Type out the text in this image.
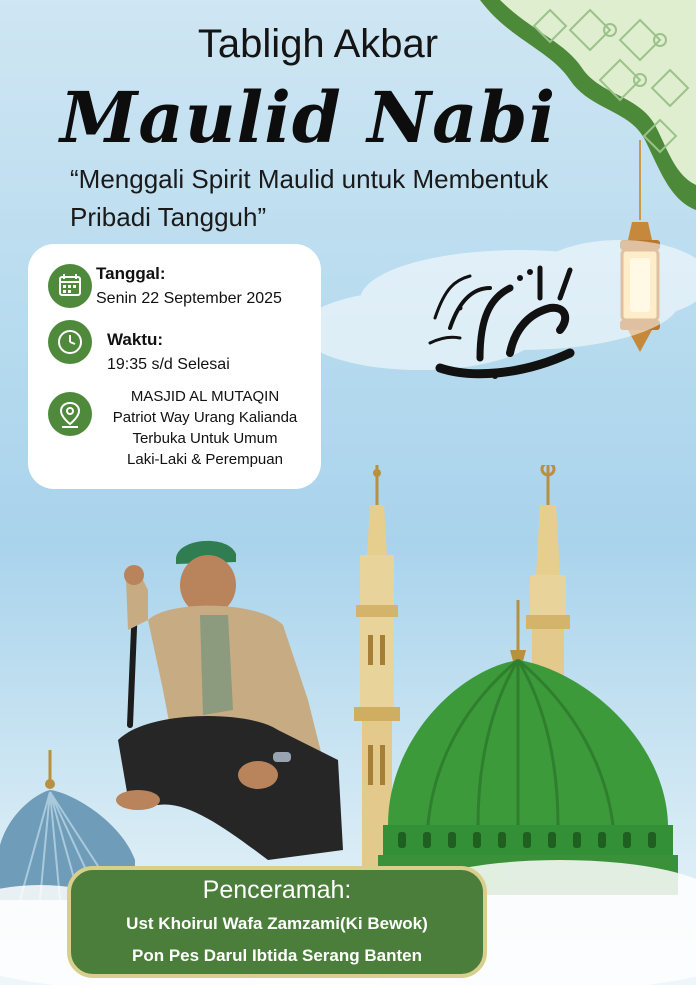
Tabligh Akbar
Maulid Nabi
“Menggali Spirit Maulid untuk Membentuk
Pribadi Tangguh”
Tanggal:
Senin 22 September 2025
Waktu:
19:35 s/d Selesai
MASJID AL MUTAQIN
Patriot Way Urang Kalianda
Terbuka Untuk Umum
Laki-Laki & Perempuan
Penceramah:
Ust Khoirul Wafa Zamzami(Ki Bewok)
Pon Pes Darul Ibtida Serang Banten
